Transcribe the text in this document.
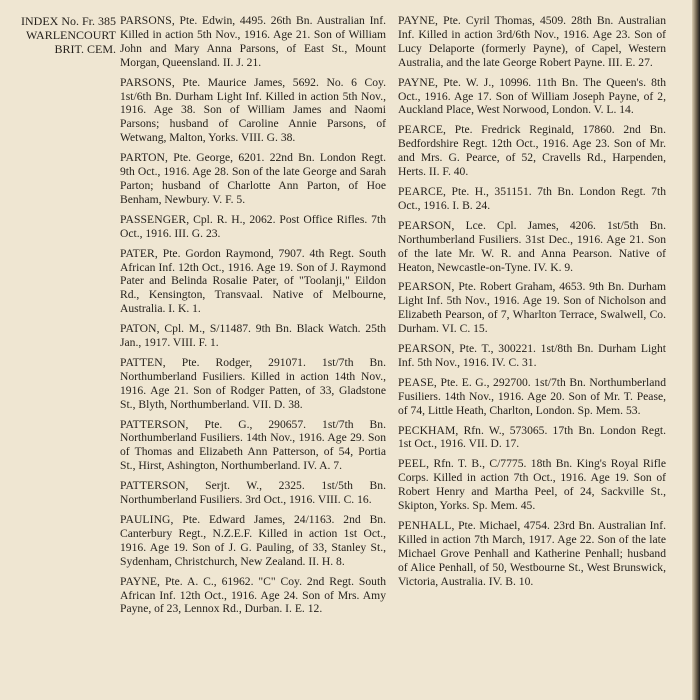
INDEX No. Fr. 385
WARLENCOURT
BRIT. CEM.

PARSONS, Pte. Edwin, 4495. 26th Bn. Australian Inf. Killed in action 5th Nov., 1916. Age 21. Son of William John and Mary Anna Parsons, of East St., Mount Morgan, Queensland. II. J. 21.

PARSONS, Pte. Maurice James, 5692. No. 6 Coy. 1st/6th Bn. Durham Light Inf. Killed in action 5th Nov., 1916. Age 38. Son of William James and Naomi Parsons; husband of Caroline Annie Parsons, of Wetwang, Malton, Yorks. VIII. G. 38.

PARTON, Pte. George, 6201. 22nd Bn. London Regt. 9th Oct., 1916. Age 28. Son of the late George and Sarah Parton; husband of Charlotte Ann Parton, of Hoe Benham, Newbury. V. F. 5.

PASSENGER, Cpl. R. H., 2062. Post Office Rifles. 7th Oct., 1916. III. G. 23.

PATER, Pte. Gordon Raymond, 7907. 4th Regt. South African Inf. 12th Oct., 1916. Age 19. Son of J. Raymond Pater and Belinda Rosalie Pater, of "Toolanji," Eildon Rd., Kensington, Transvaal. Native of Melbourne, Australia. I. K. 1.

PATON, Cpl. M., S/11487. 9th Bn. Black Watch. 25th Jan., 1917. VIII. F. 1.

PATTEN, Pte. Rodger, 291071. 1st/7th Bn. Northumberland Fusiliers. Killed in action 14th Nov., 1916. Age 21. Son of Rodger Patten, of 33, Gladstone St., Blyth, Northumberland. VII. D. 38.

PATTERSON, Pte. G., 290657. 1st/7th Bn. Northumberland Fusiliers. 14th Nov., 1916. Age 29. Son of Thomas and Elizabeth Ann Patterson, of 54, Portia St., Hirst, Ashington, Northumberland. IV. A. 7.

PATTERSON, Serjt. W., 2325. 1st/5th Bn. Northumberland Fusiliers. 3rd Oct., 1916. VIII. C. 16.

PAULING, Pte. Edward James, 24/1163. 2nd Bn. Canterbury Regt., N.Z.E.F. Killed in action 1st Oct., 1916. Age 19. Son of J. G. Pauling, of 33, Stanley St., Sydenham, Christchurch, New Zealand. II. H. 8.

PAYNE, Pte. A. C., 61962. "C" Coy. 2nd Regt. South African Inf. 12th Oct., 1916. Age 24. Son of Mrs. Amy Payne, of 23, Lennox Rd., Durban. I. E. 12.

PAYNE, Pte. Cyril Thomas, 4509. 28th Bn. Australian Inf. Killed in action 3rd/6th Nov., 1916. Age 23. Son of Lucy Delaporte (formerly Payne), of Capel, Western Australia, and the late George Robert Payne. III. E. 27.

PAYNE, Pte. W. J., 10996. 11th Bn. The Queen's. 8th Oct., 1916. Age 17. Son of William Joseph Payne, of 2, Auckland Place, West Norwood, London. V. L. 14.

PEARCE, Pte. Fredrick Reginald, 17860. 2nd Bn. Bedfordshire Regt. 12th Oct., 1916. Age 23. Son of Mr. and Mrs. G. Pearce, of 52, Cravells Rd., Harpenden, Herts. II. F. 40.

PEARCE, Pte. H., 351151. 7th Bn. London Regt. 7th Oct., 1916. I. B. 24.

PEARSON, Lce. Cpl. James, 4206. 1st/5th Bn. Northumberland Fusiliers. 31st Dec., 1916. Age 21. Son of the late Mr. W. R. and Anna Pearson. Native of Heaton, Newcastle-on-Tyne. IV. K. 9.

PEARSON, Pte. Robert Graham, 4653. 9th Bn. Durham Light Inf. 5th Nov., 1916. Age 19. Son of Nicholson and Elizabeth Pearson, of 7, Wharlton Terrace, Swalwell, Co. Durham. VI. C. 15.

PEARSON, Pte. T., 300221. 1st/8th Bn. Durham Light Inf. 5th Nov., 1916. IV. C. 31.

PEASE, Pte. E. G., 292700. 1st/7th Bn. Northumberland Fusiliers. 14th Nov., 1916. Age 20. Son of Mr. T. Pease, of 74, Little Heath, Charlton, London. Sp. Mem. 53.

PECKHAM, Rfn. W., 573065. 17th Bn. London Regt. 1st Oct., 1916. VII. D. 17.

PEEL, Rfn. T. B., C/7775. 18th Bn. King's Royal Rifle Corps. Killed in action 7th Oct., 1916. Age 19. Son of Robert Henry and Martha Peel, of 24, Sackville St., Skipton, Yorks. Sp. Mem. 45.

PENHALL, Pte. Michael, 4754. 23rd Bn. Australian Inf. Killed in action 7th March, 1917. Age 22. Son of the late Michael Grove Penhall and Katherine Penhall; husband of Alice Penhall, of 50, Westbourne St., West Brunswick, Victoria, Australia. IV. B. 10.
